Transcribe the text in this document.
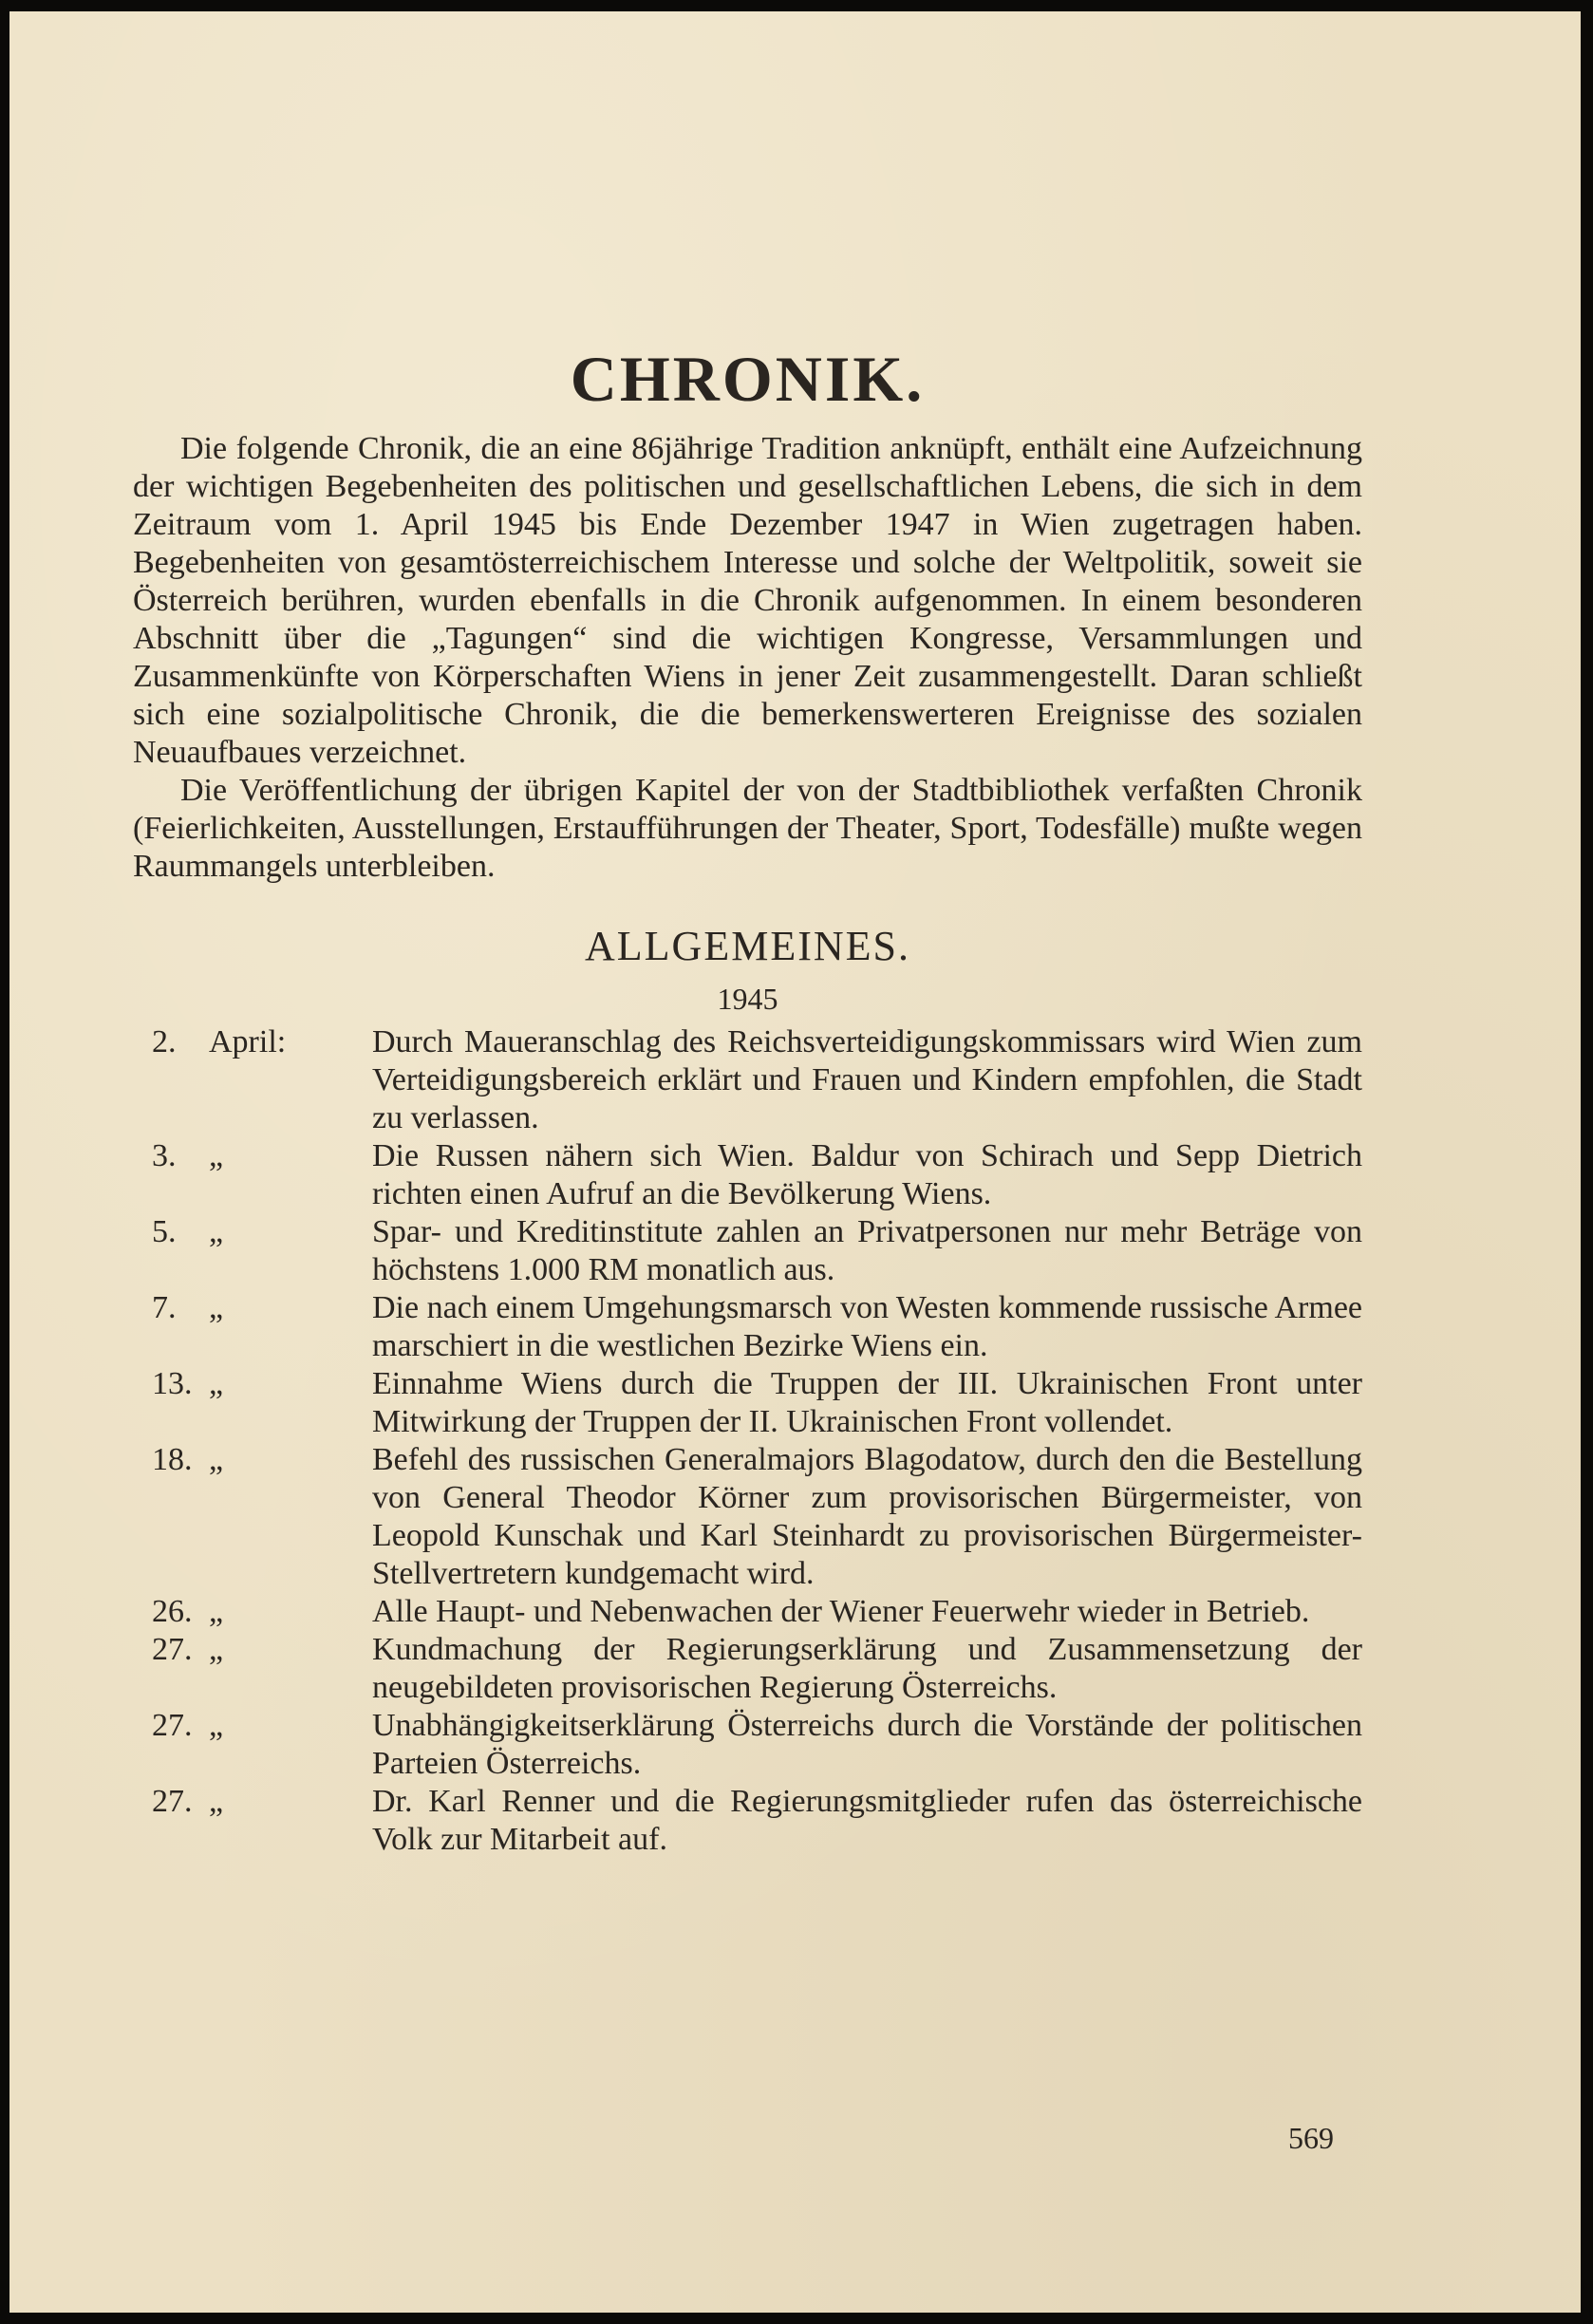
CHRONIK.

Die folgende Chronik, die an eine 86jährige Tradition anknüpft, enthält eine Aufzeichnung der wichtigen Begebenheiten des politischen und gesellschaftlichen Lebens, die sich in dem Zeitraum vom 1. April 1945 bis Ende Dezember 1947 in Wien zugetragen haben. Begebenheiten von gesamtösterreichischem Interesse und solche der Weltpolitik, soweit sie Österreich berühren, wurden ebenfalls in die Chronik aufgenommen. In einem besonderen Abschnitt über die „Tagungen“ sind die wichtigen Kongresse, Versammlungen und Zusammenkünfte von Körperschaften Wiens in jener Zeit zusammengestellt. Daran schließt sich eine sozialpolitische Chronik, die die bemerkenswerteren Ereignisse des sozialen Neuaufbaues verzeichnet.

Die Veröffentlichung der übrigen Kapitel der von der Stadtbibliothek verfaßten Chronik (Feierlichkeiten, Ausstellungen, Erstaufführungen der Theater, Sport, Todesfälle) mußte wegen Raummangels unterbleiben.

ALLGEMEINES.
1945
2.	April:	Durch Maueranschlag des Reichsverteidigungskommissars wird Wien zum Verteidigungsbereich erklärt und Frauen und Kindern empfohlen, die Stadt zu verlassen.
3.	„	Die Russen nähern sich Wien. Baldur von Schirach und Sepp Dietrich richten einen Aufruf an die Bevölkerung Wiens.
5.	„	Spar- und Kreditinstitute zahlen an Privatpersonen nur mehr Beträge von höchstens 1.000 RM monatlich aus.
7.	„	Die nach einem Umgehungsmarsch von Westen kommende russische Armee marschiert in die westlichen Bezirke Wiens ein.
13. „	Einnahme Wiens durch die Truppen der III. Ukrainischen Front unter Mitwirkung der Truppen der II. Ukrainischen Front vollendet.
18. „	Befehl des russischen Generalmajors Blagodatow, durch den die Bestellung von General Theodor Körner zum provisorischen Bürgermeister, von Leopold Kunschak und Karl Steinhardt zu provisorischen Bürgermeister-Stellvertretern kundgemacht wird.
26. „	Alle Haupt- und Nebenwachen der Wiener Feuerwehr wieder in Betrieb.
27. „	Kundmachung der Regierungserklärung und Zusammensetzung der neugebildeten provisorischen Regierung Österreichs.
27. „	Unabhängigkeitserklärung Österreichs durch die Vorstände der politischen Parteien Österreichs.
27. „	Dr. Karl Renner und die Regierungsmitglieder rufen das österreichische Volk zur Mitarbeit auf.
569
